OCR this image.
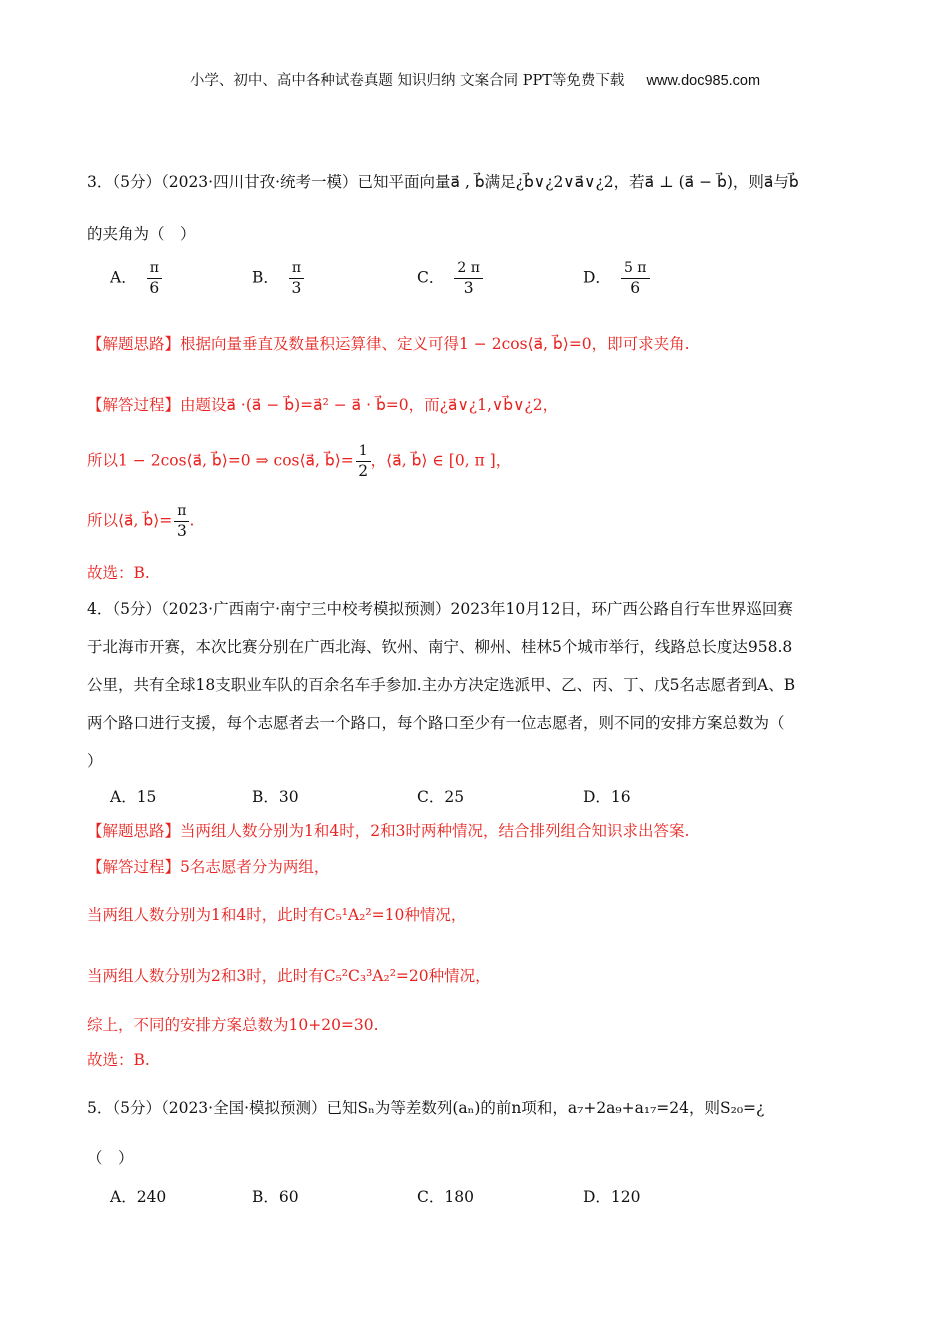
小学、初中、高中各种试卷真题 知识归纳 文案合同 PPT等免费下载 www.doc985.com
3．（5分）（2023·四川甘孜·统考一模）已知平面向量a⃗ , b⃗满足¿b⃗∨¿2∨a⃗∨¿2，若a⃗ ⊥ (a⃗ − b⃗)，则a⃗与b⃗
的夹角为（　）
A． $\frac{\pi}{6}$	B． $\frac{\pi}{3}$	C． $\frac{2 \pi}{3}$	D． $\frac{5 \pi}{6}$
【解题思路】根据向量垂直及数量积运算律、定义可得1 − 2cos⟨a⃗, b⃗⟩=0，即可求夹角.
【解答过程】由题设a⃗ ·(a⃗ − b⃗)=a⃗² − a⃗ · b⃗=0，而¿a⃗∨¿1,∨b⃗∨¿2，
所以1 − 2cos⟨a⃗, b⃗⟩=0 ⇒ cos⟨a⃗, b⃗⟩= $\frac{1}{2}$ ，⟨a⃗, b⃗⟩ ∈ [0, π ]，
所以⟨a⃗, b⃗⟩= $\frac{\pi}{3}$ .
故选：B.
4．（5分）（2023·广西南宁·南宁三中校考模拟预测）2023年10月12日，环广西公路自行车世界巡回赛
于北海市开赛，本次比赛分别在广西北海、钦州、南宁、柳州、桂林5个城市举行，线路总长度达958.8
公里，共有全球18支职业车队的百余名车手参加.主办方决定选派甲、乙、丙、丁、戊5名志愿者到A、B
两个路口进行支援，每个志愿者去一个路口，每个路口至少有一位志愿者，则不同的安排方案总数为（
）
A．15	B．30	C．25	D．16
【解题思路】当两组人数分别为1和4时，2和3时两种情况，结合排列组合知识求出答案.
【解答过程】5名志愿者分为两组，
当两组人数分别为1和4时，此时有C₅¹A₂²=10种情况，
当两组人数分别为2和3时，此时有C₅²C₃³A₂²=20种情况，
综上，不同的安排方案总数为10+20=30.
故选：B.
5．（5分）（2023·全国·模拟预测）已知Sₙ为等差数列(aₙ)的前n项和，a₇+2a₉+a₁₇=24，则S₂₀=¿
（　）
A．240	B．60	C．180	D．120
